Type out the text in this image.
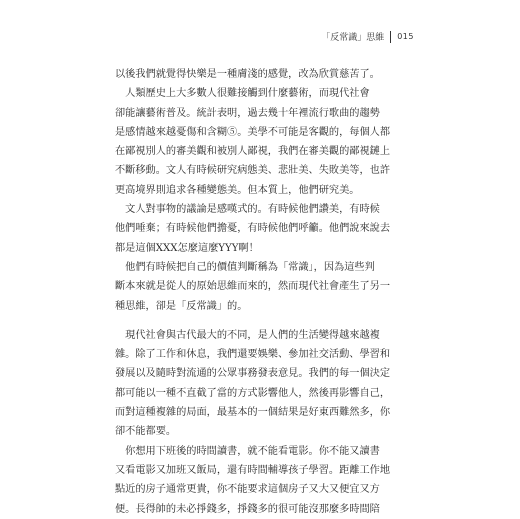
「反常識」思維 015
以後我們就覺得快樂是一種膚淺的感覺，改為欣賞慈苦了。
　人類歷史上大多數人很難接觸到什麼藝術，而現代社會
卻能讓藝術普及。統計表明，過去幾十年裡流行歌曲的趨勢
是感情越來越憂傷和含糊⑤。美學不可能是客觀的，每個人都
在鄙視別人的審美觀和被別人鄙視，我們在審美觀的鄙視鏈上
不斷移動。文人有時候研究病態美、悲壯美、失敗美等，也許
更高境界則追求各種變態美。但本質上，他們研究美。
　文人對事物的議論是感嘆式的。有時候他們讚美，有時候
他們唾棄；有時候他們擔憂，有時候他們呼籲。他們說來說去
都是這個XXX怎麼這麼YYY啊！
　他們有時候把自己的價值判斷稱為「常識」，因為這些判
斷本來就是從人的原始思維而來的，然而現代社會產生了另一
種思維，卻是「反常識」的。
　現代社會與古代最大的不同，是人們的生活變得越來越複
雜。除了工作和休息，我們還要娛樂、參加社交活動、學習和
發展以及隨時對流通的公眾事務發表意見。我們的每一個決定
都可能以一種不直截了當的方式影響他人，然後再影響自己，
而對這種複雜的局面，最基本的一個結果是好東西難然多，你
卻不能都要。
　你想用下班後的時間讀書，就不能看電影。你不能又讀書
又看電影又加班又飯局，還有時間輔導孩子學習。距離工作地
點近的房子通常更貴，你不能要求這個房子又大又便宜又方
便。長得帥的未必掙錢多，掙錢多的很可能沒那麼多時間陪
